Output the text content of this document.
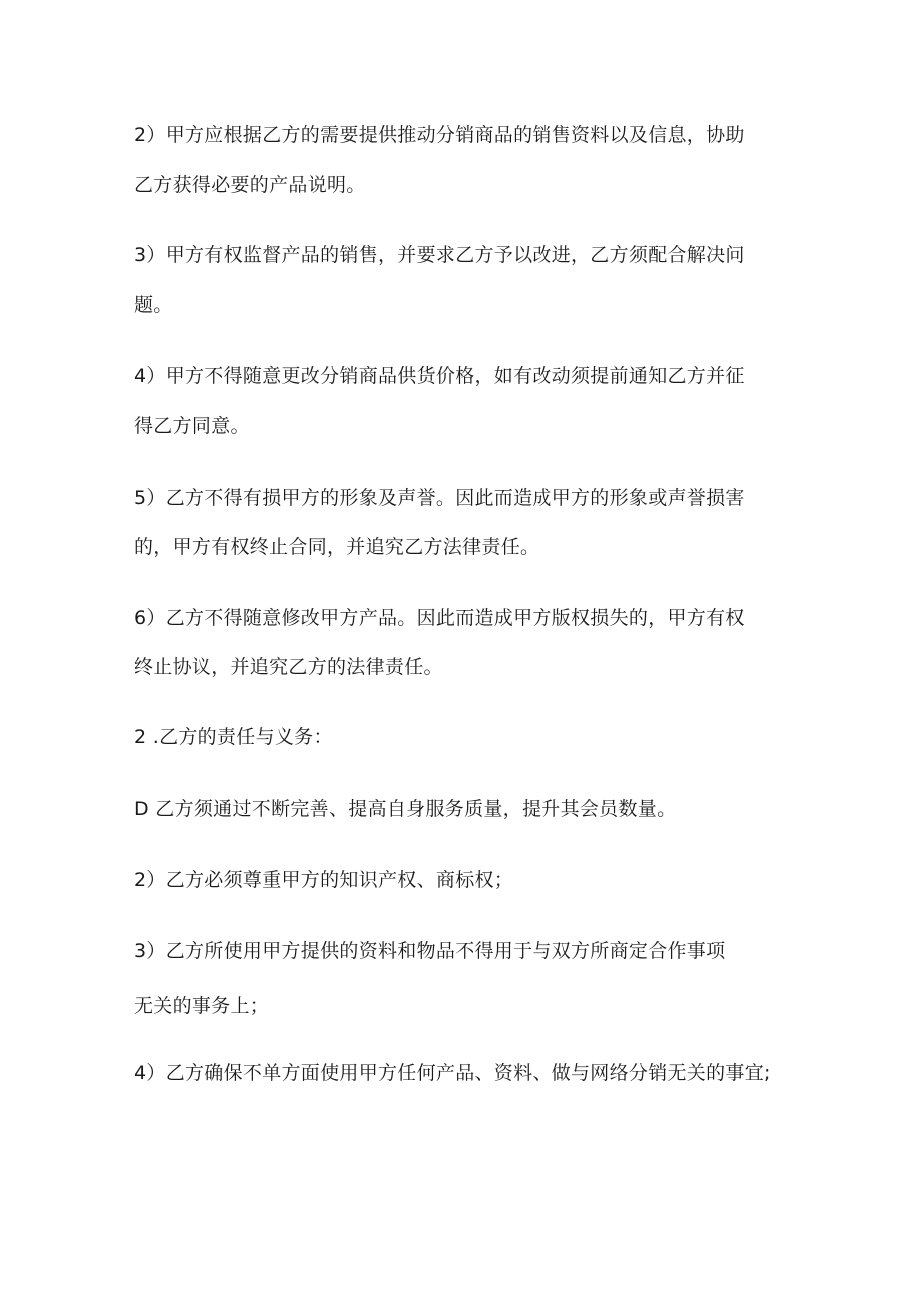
2）甲方应根据乙方的需要提供推动分销商品的销售资料以及信息，协助
乙方获得必要的产品说明。
3）甲方有权监督产品的销售，并要求乙方予以改进，乙方须配合解决问
题。
4）甲方不得随意更改分销商品供货价格，如有改动须提前通知乙方并征
得乙方同意。
5）乙方不得有损甲方的形象及声誉。因此而造成甲方的形象或声誉损害
的，甲方有权终止合同，并追究乙方法律责任。
6）乙方不得随意修改甲方产品。因此而造成甲方版权损失的，甲方有权
终止协议，并追究乙方的法律责任。
2 .乙方的责任与义务：
D 乙方须通过不断完善、提高自身服务质量，提升其会员数量。
2）乙方必须尊重甲方的知识产权、商标权；
3）乙方所使用甲方提供的资料和物品不得用于与双方所商定合作事项
无关的事务上；
4）乙方确保不单方面使用甲方任何产品、资料、做与网络分销无关的事宜;
